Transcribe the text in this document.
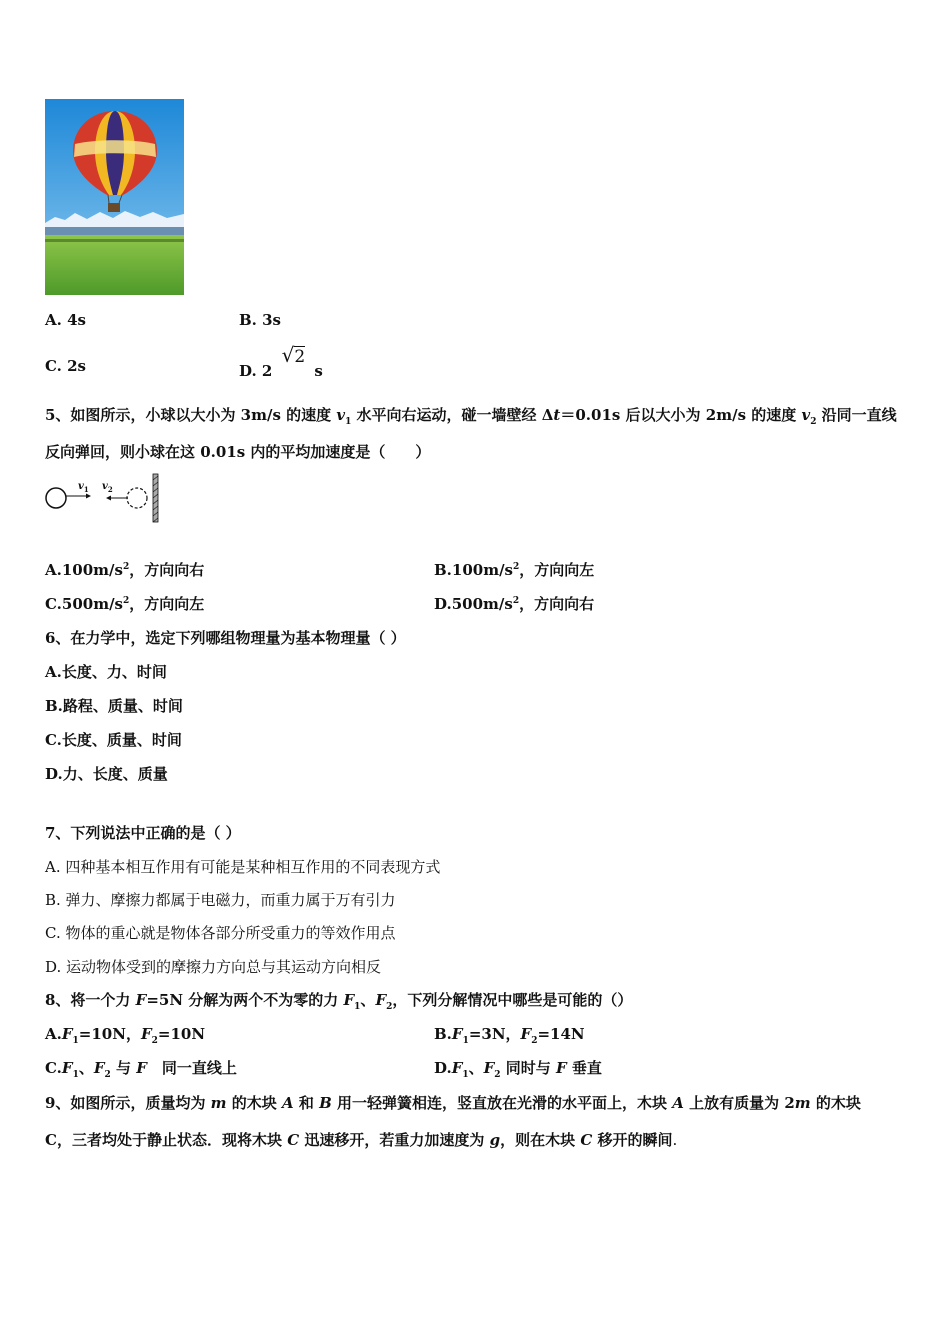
A. 4s	B. 3s
C. 2s	D. 2 √2 s
5、如图所示，小球以大小为 3m/s 的速度 $v_1$ 水平向右运动，碰一墙壁经 Δt＝0.01s 后以大小为 2m/s 的速度 $v_2$ 沿同一直线
反向弹回，则小球在这 0.01s 内的平均加速度是（　　）
$v_1$ $v_2$
$A.100m/s^2$，方向向右	$B.100m/s^2$，方向向左
$C.500m/s^2$，方向向左	$D.500m/s^2$，方向向右
6、在力学中，选定下列哪组物理量为基本物理量（ ）
A.长度、力、时间
B.路程、质量、时间
C.长度、质量、时间
D.力、长度、质量
7、下列说法中正确的是（ ）
A. 四种基本相互作用有可能是某种相互作用的不同表现方式
B. 弹力、摩擦力都属于电磁力，而重力属于万有引力
C. 物体的重心就是物体各部分所受重力的等效作用点
D. 运动物体受到的摩擦力方向总与其运动方向相反
8、将一个力 F=5N 分解为两个不为零的力 $F_1$、$F_2$，下列分解情况中哪些是可能的（）
$A.F_1=10N$，$F_2=10N$	$B.F_1=3N$，$F_2=14N$
$C.F_1$、$F_2$ 与 F　同一直线上	$D.F_1$、$F_2$ 同时与 F 垂直
9、如图所示，质量均为 m 的木块 A 和 B 用一轻弹簧相连，竖直放在光滑的水平面上，木块 A 上放有质量为 2m 的木块
C，三者均处于静止状态．现将木块 C 迅速移开，若重力加速度为 g，则在木块 C 移开的瞬间.
